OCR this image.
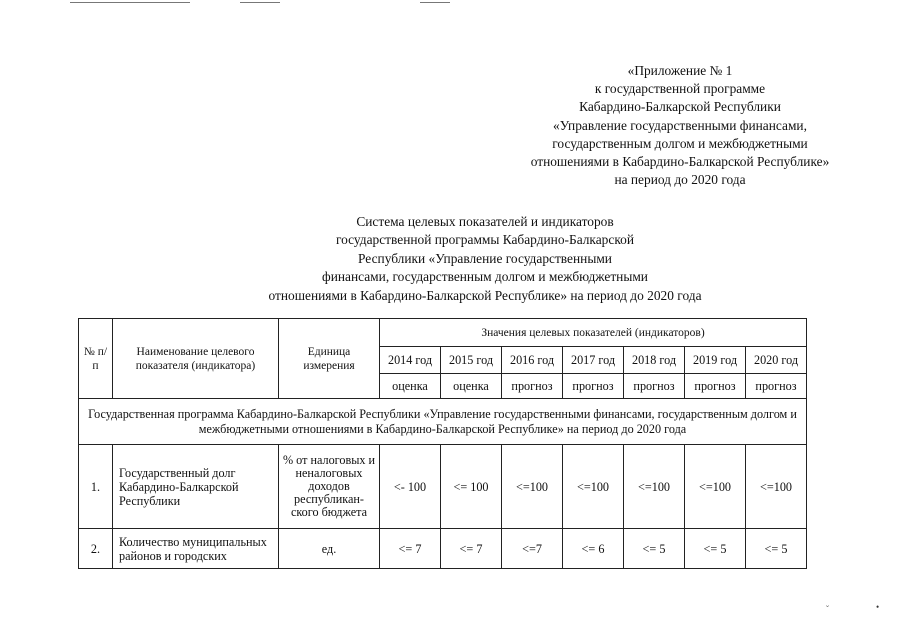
«Приложение № 1
к государственной программе
Кабардино-Балкарской Республики
«Управление государственными финансами,
государственным долгом и межбюджетными
отношениями в Кабардино-Балкарской Республике»
на период до 2020 года
Система целевых показателей и индикаторов
государственной программы Кабардино-Балкарской
Республики «Управление государственными
финансами, государственным долгом и межбюджетными
отношениями в Кабардино-Балкарской Республике» на период до 2020 года
№ п/п	Наименование целевого показателя (индикатора)	Единица измерения	Значения целевых показателей (индикаторов)						
			2014 год	2015 год	2016 год	2017 год	2018 год	2019 год	2020 год
			оценка	оценка	прогноз	прогноз	прогноз	прогноз	прогноз
Государственная программа Кабардино-Балкарской Республики «Управление государственными финансами, государственным долгом и межбюджетными отношениями в Кабардино-Балкарской Республике» на период до 2020 года									
1.	Государственный долг Кабардино-Балкарской Республики	% от налоговых и неналоговых доходов республикан-ского бюджета	<- 100	<= 100	<=100	<=100	<=100	<=100	<=100
2.	Количество муниципальных районов и городских	ед.	<= 7	<= 7	<=7	<= 6	<= 5	<= 5	<= 5
˘	•
